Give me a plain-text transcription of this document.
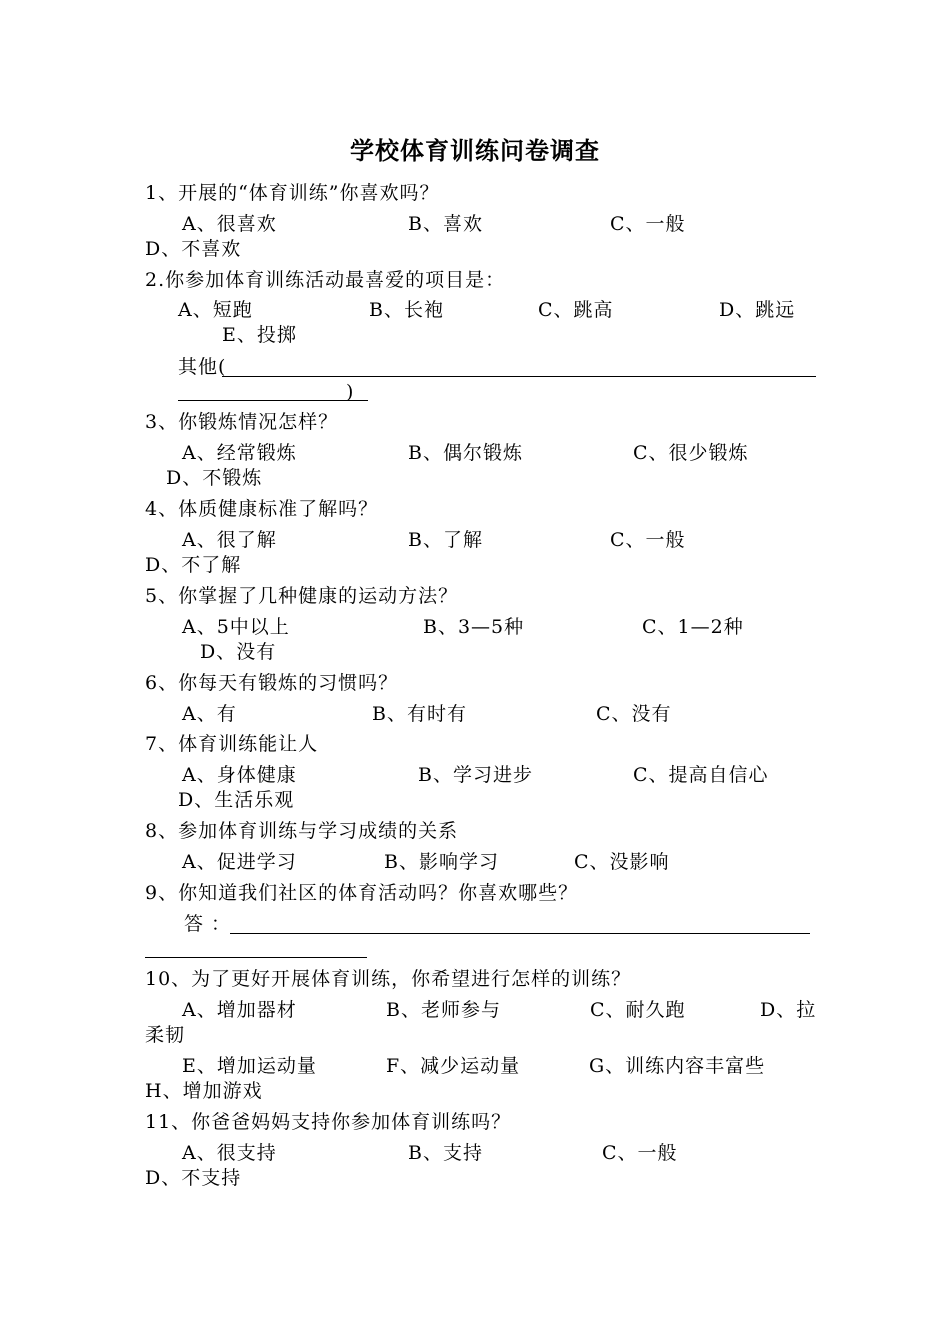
学校体育训练问卷调查
1、开展的“体育训练”你喜欢吗？
A、很喜欢	B、喜欢	C、一般
D、不喜欢
2.你参加体育训练活动最喜爱的项目是：
A、短跑	B、长袍	C、跳高	D、跳远
E、投掷
其他(
)
3、你锻炼情况怎样？
A、经常锻炼	B、偶尔锻炼	C、很少锻炼
D、不锻炼
4、体质健康标准了解吗？
A、很了解	B、了解	C、一般
D、不了解
5、你掌握了几种健康的运动方法？
A、5中以上	B、3—5种	C、1—2种
D、没有
6、你每天有锻炼的习惯吗？
A、有	B、有时有	C、没有
7、体育训练能让人
A、身体健康	B、学习进步	C、提高自信心
D、生活乐观
8、参加体育训练与学习成绩的关系
A、促进学习	B、影响学习	C、没影响
9、你知道我们社区的体育活动吗？你喜欢哪些？
答 ：
10、为了更好开展体育训练，你希望进行怎样的训练？
A、增加器材	B、老师参与	C、耐久跑	D、拉
柔韧
E、增加运动量	F、减少运动量	G、训练内容丰富些
H、增加游戏
11、你爸爸妈妈支持你参加体育训练吗？
A、很支持	B、支持	C、一般
D、不支持
